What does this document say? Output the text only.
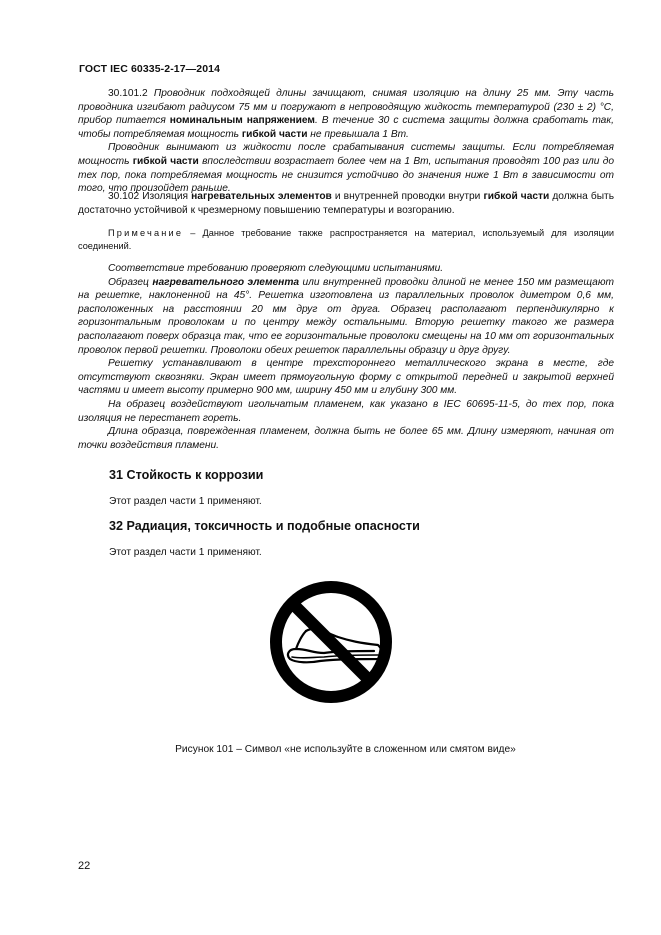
ГОСТ IEC 60335-2-17—2014

30.101.2 Проводник подходящей длины зачищают, снимая изоляцию на длину 25 мм. Эту часть проводника изгибают радиусом 75 мм и погружают в непроводящую жидкость температурой (230 ± 2) °С, прибор питается номинальным напряжением. В течение 30 с система защиты должна сработать так, чтобы потребляемая мощность гибкой части не превышала 1 Вт.

Проводник вынимают из жидкости после срабатывания системы защиты. Если потребляемая мощность гибкой части впоследствии возрастает более чем на 1 Вт, испытания проводят 100 раз или до тех пор, пока потребляемая мощность не снизится устойчиво до значения ниже 1 Вт в зависимости от того, что произойдет раньше.

30.102 Изоляция нагревательных элементов и внутренней проводки внутри гибкой части должна быть достаточно устойчивой к чрезмерному повышению температуры и возгоранию.

Примечание – Данное требование также распространяется на материал, используемый для изоляции соединений.

Соответствие требованию проверяют следующими испытаниями.

Образец нагревательного элемента или внутренней проводки длиной не менее 150 мм размещают на решетке, наклоненной на 45°. Решетка изготовлена из параллельных проволок диметром 0,6 мм, расположенных на расстоянии 20 мм друг от друга. Образец располагают перпендикулярно к горизонтальным проволокам и по центру между остальными. Вторую решетку такого же размера располагают поверх образца так, что ее горизонтальные проволоки смещены на 10 мм от горизонтальных проволок первой решетки. Проволоки обеих решеток параллельны образцу и друг другу.

Решетку устанавливают в центре трехстороннего металлического экрана в месте, где отсутствуют сквозняки. Экран имеет прямоугольную форму с открытой передней и закрытой верхней частями и имеет высоту примерно 900 мм, ширину 450 мм и глубину 300 мм.

На образец воздействуют игольчатым пламенем, как указано в IEC 60695-11-5, до тех пор, пока изоляция не перестанет гореть.

Длина образца, поврежденная пламенем, должна быть не более 65 мм. Длину измеряют, начиная от точки воздействия пламени.

31 Стойкость к коррозии
Этот раздел части 1 применяют.
32 Радиация, токсичность и подобные опасности
Этот раздел части 1 применяют.
Рисунок 101 – Символ «не используйте в сложенном или смятом виде»
22
